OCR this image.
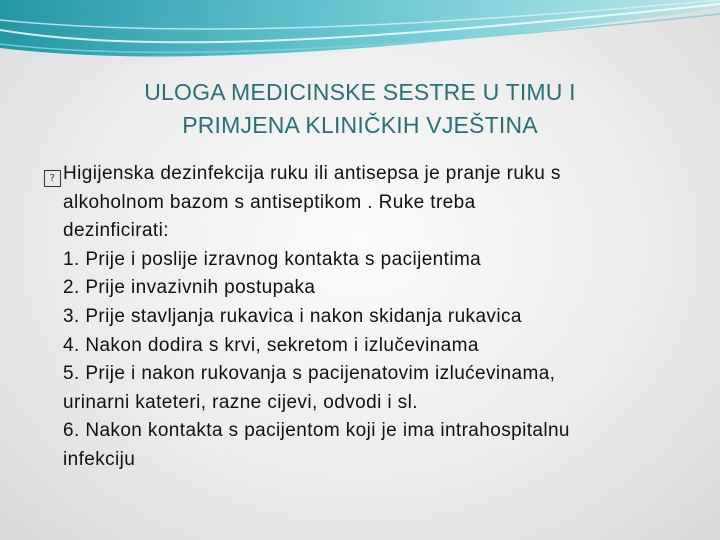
ULOGA MEDICINSKE SESTRE U TIMU I
PRIMJENA KLINIČKIH VJEŠTINA
? Higijenska dezinfekcija ruku ili antisepsa je pranje ruku s
alkoholnom bazom s antiseptikom . Ruke treba
dezinficirati:
1. Prije i poslije izravnog kontakta s pacijentima
2. Prije invazivnih postupaka
3. Prije stavljanja rukavica i nakon skidanja rukavica
4. Nakon dodira s krvi, sekretom i izlučevinama
5. Prije i nakon rukovanja s pacijenatovim izlućevinama,
urinarni kateteri, razne cijevi, odvodi i sl.
6. Nakon kontakta s pacijentom koji je ima intrahospitalnu
infekciju
